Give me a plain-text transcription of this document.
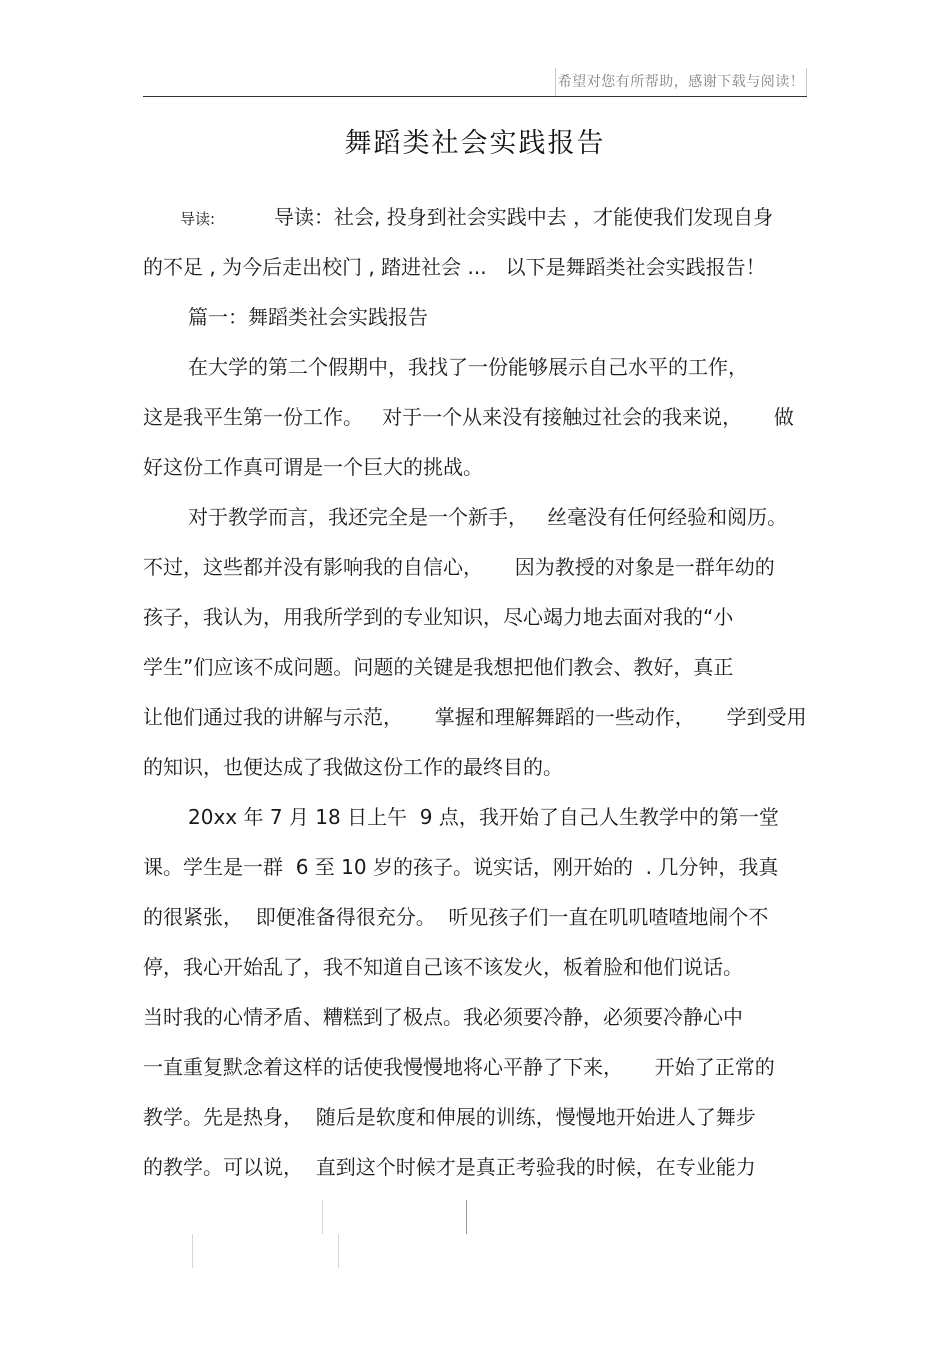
希望对您有所帮助，感谢下载与阅读！
舞蹈类社会实践报告
导读:	导读：社会, 投身到社会实践中去 ，才能使我们发现自身
的不足 , 为今后走出校门 , 踏进社会 ...   以下是舞蹈类社会实践报告！
篇一：舞蹈类社会实践报告
在大学的第二个假期中，我找了一份能够展示自己水平的工作，
这是我平生第一份工作。   对于一个从来没有接触过社会的我来说，     做
好这份工作真可谓是一个巨大的挑战。
对于教学而言，我还完全是一个新手，   丝毫没有任何经验和阅历。
不过，这些都并没有影响我的自信心，     因为教授的对象是一群年幼的
孩子，我认为，用我所学到的专业知识，尽心竭力地去面对我的“小
学生”们应该不成问题。问题的关键是我想把他们教会、教好，真正
让他们通过我的讲解与示范，     掌握和理解舞蹈的一些动作，     学到受用
的知识，也便达成了我做这份工作的最终目的。
20xx 年 7 月 18 日上午  9 点，我开始了自己人生教学中的第一堂
课。学生是一群  6 至 10 岁的孩子。说实话，刚开始的  . 几分钟，我真
的很紧张，  即便准备得很充分。  听见孩子们一直在叽叽喳喳地闹个不
停，我心开始乱了，我不知道自己该不该发火，板着脸和他们说话。
当时我的心情矛盾、糟糕到了极点。我必须要冷静，必须要冷静心中
一直重复默念着这样的话使我慢慢地将心平静了下来，     开始了正常的
教学。先是热身，  随后是软度和伸展的训练，慢慢地开始进人了舞步
的教学。可以说，  直到这个时候才是真正考验我的时候，在专业能力
